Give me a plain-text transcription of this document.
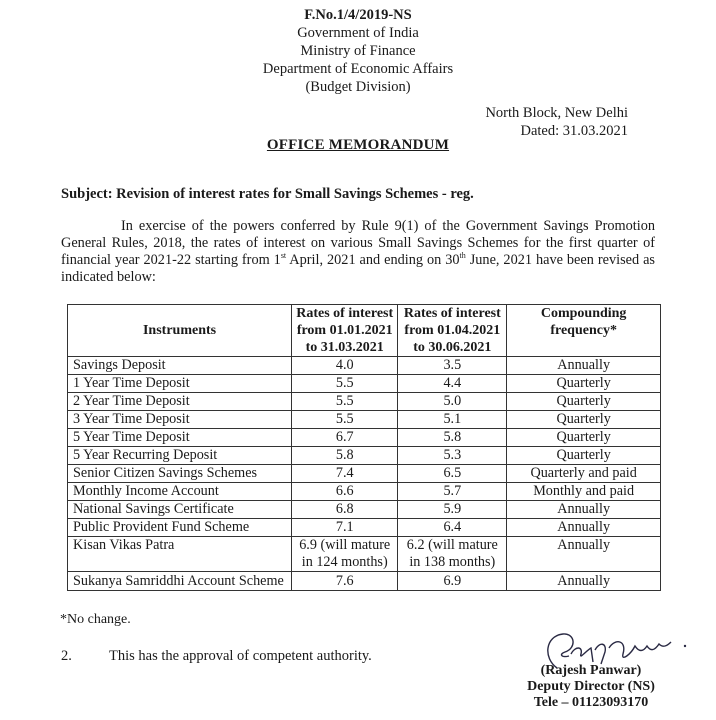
F.No.1/4/2019-NS
Government of India
Ministry of Finance
Department of Economic Affairs
(Budget Division)
North Block, New Delhi
Dated: 31.03.2021
OFFICE MEMORANDUM
Subject: Revision of interest rates for Small Savings Schemes - reg.
In exercise of the powers conferred by Rule 9(1) of the Government Savings Promotion General Rules, 2018, the rates of interest on various Small Savings Schemes for the first quarter of financial year 2021-22 starting from 1st April, 2021 and ending on 30th June, 2021 have been revised as indicated below:
Instruments	Rates of interest from 01.01.2021 to 31.03.2021	Rates of interest from 01.04.2021 to 30.06.2021	Compounding frequency*
Savings Deposit	4.0	3.5	Annually
1 Year Time Deposit	5.5	4.4	Quarterly
2 Year Time Deposit	5.5	5.0	Quarterly
3 Year Time Deposit	5.5	5.1	Quarterly
5 Year Time Deposit	6.7	5.8	Quarterly
5 Year Recurring Deposit	5.8	5.3	Quarterly
Senior Citizen Savings Schemes	7.4	6.5	Quarterly and paid
Monthly Income Account	6.6	5.7	Monthly and paid
National Savings Certificate	6.8	5.9	Annually
Public Provident Fund Scheme	7.1	6.4	Annually
Kisan Vikas Patra	6.9 (will mature in 124 months)	6.2 (will mature in 138 months)	Annually
Sukanya Samriddhi Account Scheme	7.6	6.9	Annually
*No change.
2.	This has the approval of competent authority.
(Rajesh Panwar)
Deputy Director (NS)
Tele – 01123093170
